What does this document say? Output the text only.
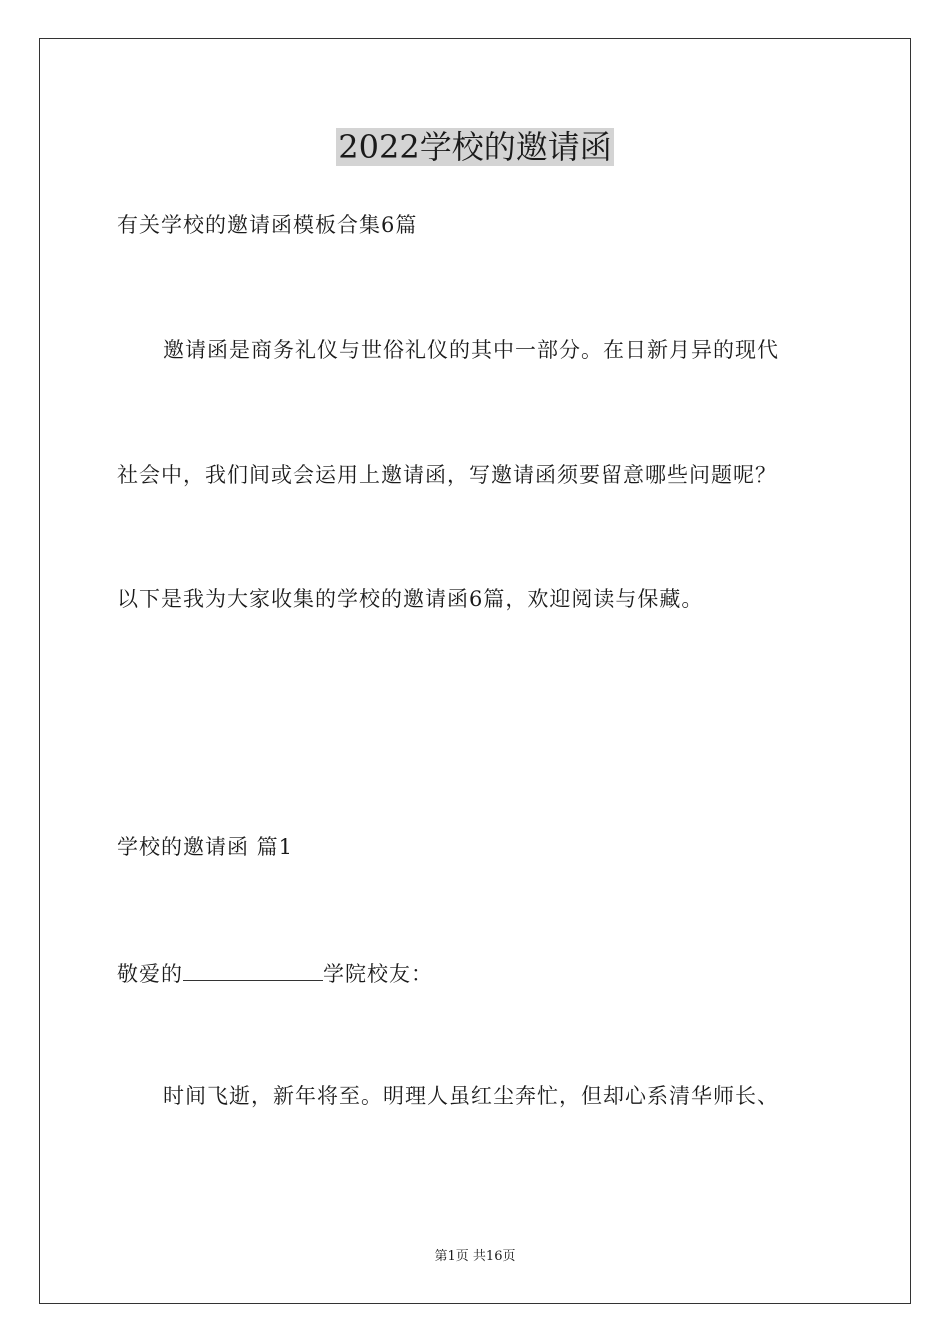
2022学校的邀请函
有关学校的邀请函模板合集6篇
邀请函是商务礼仪与世俗礼仪的其中一部分。在日新月异的现代
社会中，我们间或会运用上邀请函，写邀请函须要留意哪些问题呢？
以下是我为大家收集的学校的邀请函6篇，欢迎阅读与保藏。
学校的邀请函 篇1
敬爱的	学院校友：
时间飞逝，新年将至。明理人虽红尘奔忙，但却心系清华师长、
第1页 共16页
